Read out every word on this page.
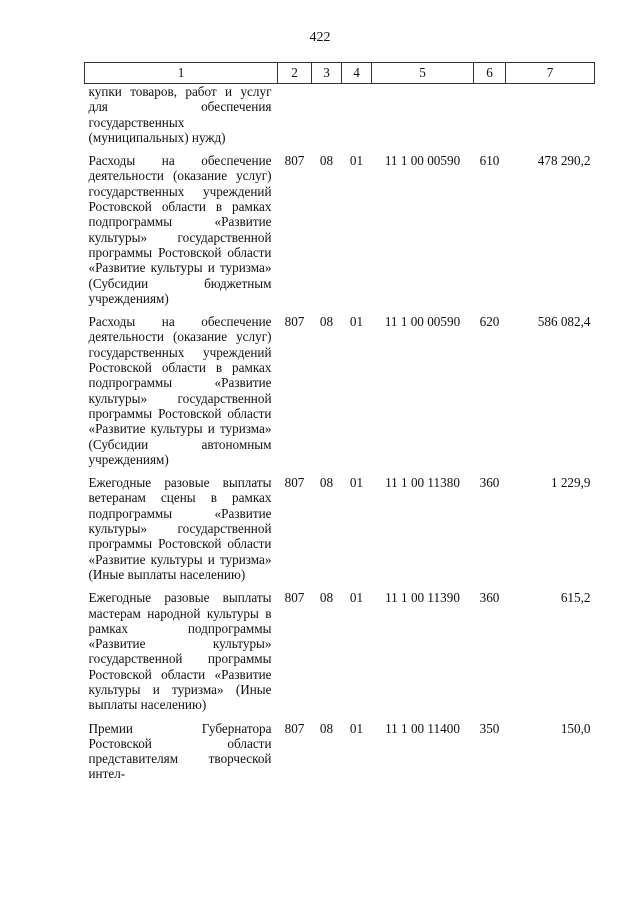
422
1	2	3	4	5	6	7
купки товаров, работ и услуг для обеспечения государственных (муниципальных) нужд)						
Расходы на обеспечение деятельности (оказание услуг) государственных учреждений Ростовской области в рамках подпрограммы «Развитие культуры» государственной программы Ростовской области «Развитие культуры и туризма» (Субсидии бюджетным учреждениям)	807	08	01	11 1 00 00590	610	478 290,2
Расходы на обеспечение деятельности (оказание услуг) государственных учреждений Ростовской области в рамках подпрограммы «Развитие культуры» государственной программы Ростовской области «Развитие культуры и туризма» (Субсидии автономным учреждениям)	807	08	01	11 1 00 00590	620	586 082,4
Ежегодные разовые выплаты ветеранам сцены в рамках подпрограммы «Развитие культуры» государственной программы Ростовской области «Развитие культуры и туризма» (Иные выплаты населению)	807	08	01	11 1 00 11380	360	1 229,9
Ежегодные разовые выплаты мастерам народной культуры в рамках подпрограммы «Развитие культуры» государственной программы Ростовской области «Развитие культуры и туризма» (Иные выплаты населению)	807	08	01	11 1 00 11390	360	615,2
Премии Губернатора Ростовской области представителям творческой интел-	807	08	01	11 1 00 11400	350	150,0
